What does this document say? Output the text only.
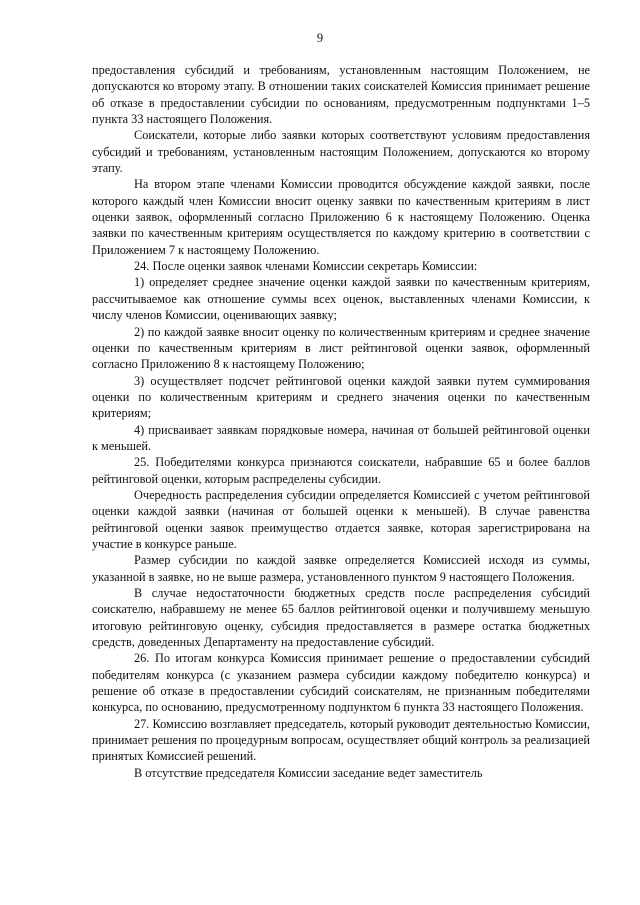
9

предоставления субсидий и требованиям, установленным настоящим Положением, не допускаются ко второму этапу. В отношении таких соискателей Комиссия принимает решение об отказе в предоставлении субсидии по основаниям, предусмотренным подпунктами 1–5 пункта 33 настоящего Положения.

Соискатели, которые либо заявки которых соответствуют условиям предоставления субсидий и требованиям, установленным настоящим Положением, допускаются ко второму этапу.

На втором этапе членами Комиссии проводится обсуждение каждой заявки, после которого каждый член Комиссии вносит оценку заявки по качественным критериям в лист оценки заявок, оформленный согласно Приложению 6 к настоящему Положению. Оценка заявки по качественным критериям осуществляется по каждому критерию в соответствии с Приложением 7 к настоящему Положению.

24. После оценки заявок членами Комиссии секретарь Комиссии:

1) определяет среднее значение оценки каждой заявки по качественным критериям, рассчитываемое как отношение суммы всех оценок, выставленных членами Комиссии, к числу членов Комиссии, оценивающих заявку;

2) по каждой заявке вносит оценку по количественным критериям и среднее значение оценки по качественным критериям в лист рейтинговой оценки заявок, оформленный согласно Приложению 8 к настоящему Положению;

3) осуществляет подсчет рейтинговой оценки каждой заявки путем суммирования оценки по количественным критериям и среднего значения оценки по качественным критериям;

4) присваивает заявкам порядковые номера, начиная от большей рейтинговой оценки к меньшей.

25. Победителями конкурса признаются соискатели, набравшие 65 и более баллов рейтинговой оценки, которым распределены субсидии.

Очередность распределения субсидии определяется Комиссией с учетом рейтинговой оценки каждой заявки (начиная от большей оценки к меньшей). В случае равенства рейтинговой оценки заявок преимущество отдается заявке, которая зарегистрирована на участие в конкурсе раньше.

Размер субсидии по каждой заявке определяется Комиссией исходя из суммы, указанной в заявке, но не выше размера, установленного пунктом 9 настоящего Положения.

В случае недостаточности бюджетных средств после распределения субсидий соискателю, набравшему не менее 65 баллов рейтинговой оценки и получившему меньшую итоговую рейтинговую оценку, субсидия предоставляется в размере остатка бюджетных средств, доведенных Департаменту на предоставление субсидий.

26. По итогам конкурса Комиссия принимает решение о предоставлении субсидий победителям конкурса (с указанием размера субсидии каждому победителю конкурса) и решение об отказе в предоставлении субсидий соискателям, не признанным победителями конкурса, по основанию, предусмотренному подпунктом 6 пункта 33 настоящего Положения.

27. Комиссию возглавляет председатель, который руководит деятельностью Комиссии, принимает решения по процедурным вопросам, осуществляет общий контроль за реализацией принятых Комиссией решений.

В отсутствие председателя Комиссии заседание ведет заместитель
